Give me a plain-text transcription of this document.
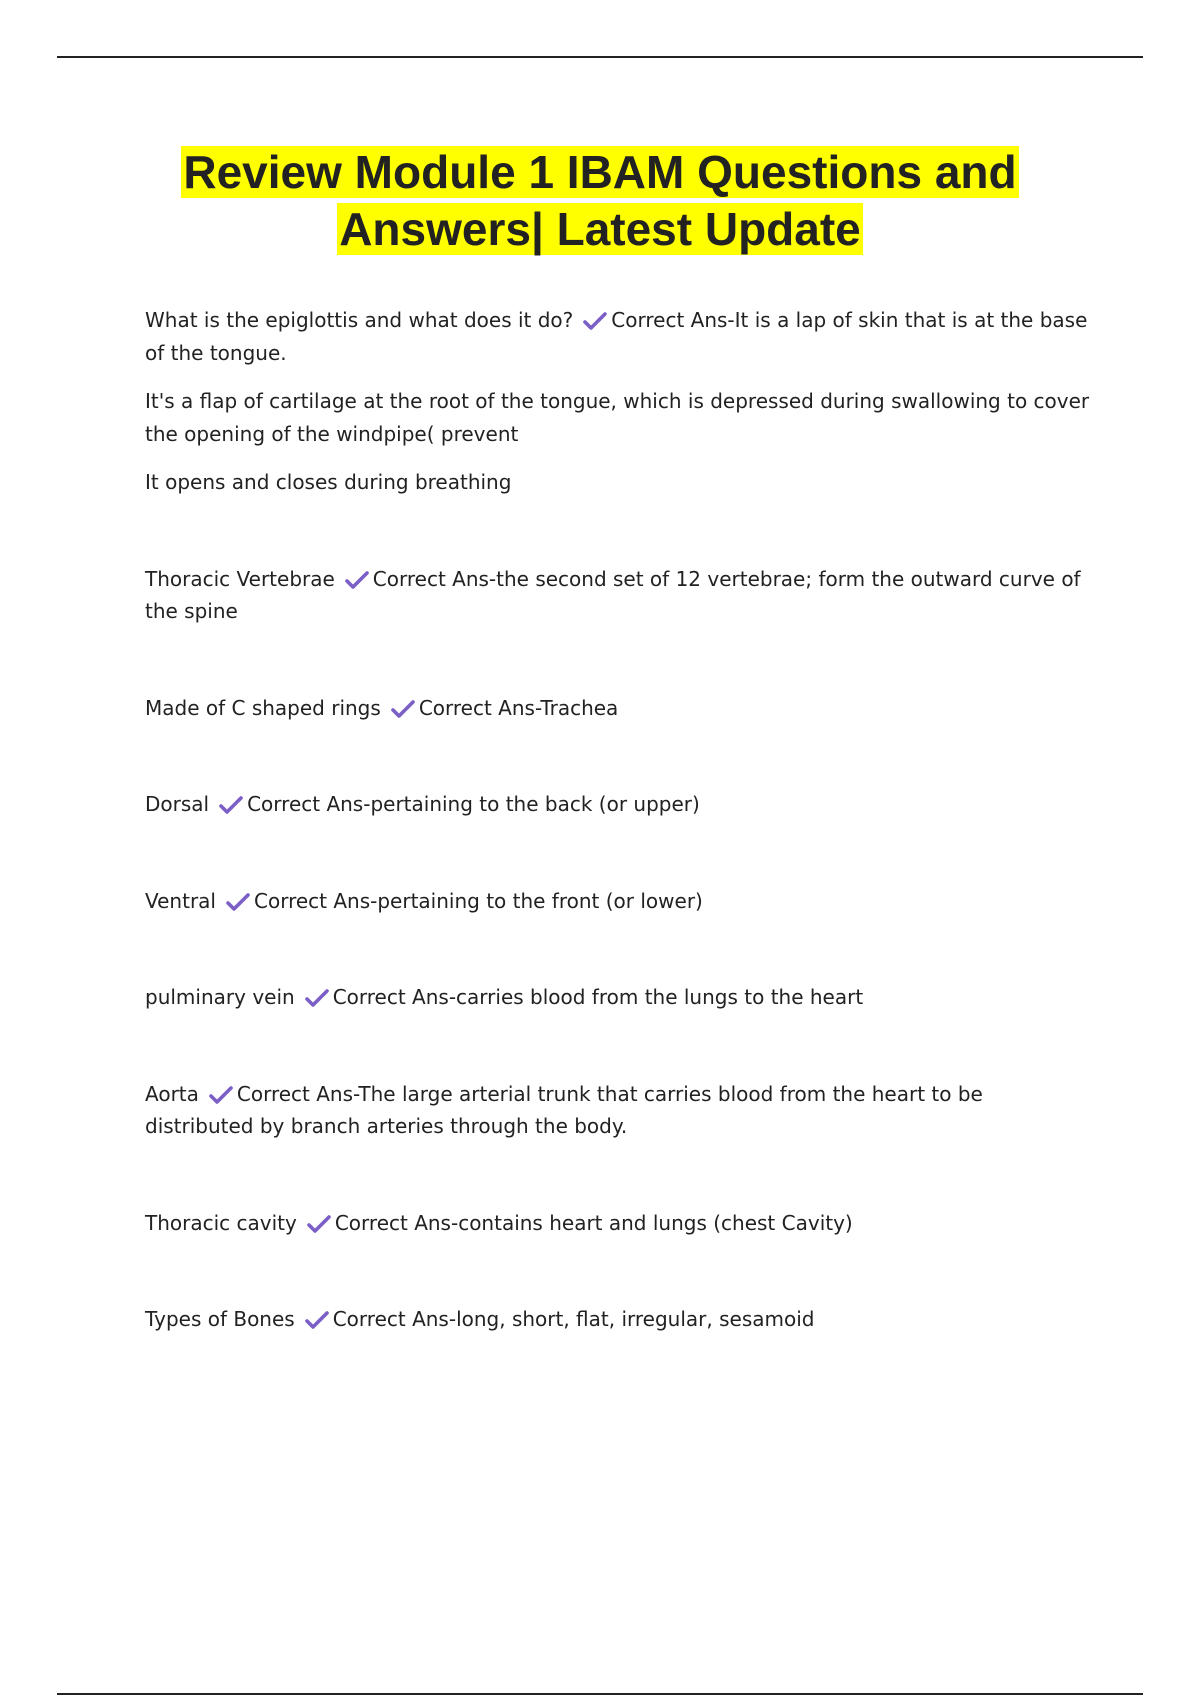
Review Module 1 IBAM Questions and Answers| Latest Update

What is the epiglottis and what does it do? Correct Ans-It is a lap of skin that is at the base of the tongue.

It's a flap of cartilage at the root of the tongue, which is depressed during swallowing to cover the opening of the windpipe( prevent

It opens and closes during breathing

Thoracic Vertebrae Correct Ans-the second set of 12 vertebrae; form the outward curve of the spine

Made of C shaped rings Correct Ans-Trachea

Dorsal Correct Ans-pertaining to the back (or upper)

Ventral Correct Ans-pertaining to the front (or lower)

pulminary vein Correct Ans-carries blood from the lungs to the heart

Aorta Correct Ans-The large arterial trunk that carries blood from the heart to be distributed by branch arteries through the body.

Thoracic cavity Correct Ans-contains heart and lungs (chest Cavity)

Types of Bones Correct Ans-long, short, flat, irregular, sesamoid
